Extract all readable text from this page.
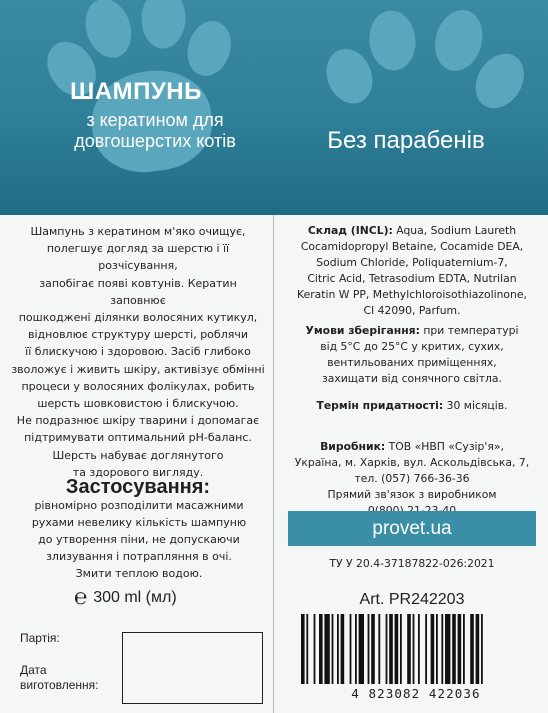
ШАМПУНЬ
з кератином для
довгошерстих котів	Без парабенів
Шампунь з кератином м'яко очищує,
полегшує догляд за шерстю і її розчісування,
запобігає появі ковтунів. Кератин заповнює
пошкоджені ділянки волосяних кутикул,
відновлює структуру шерсті, роблячи
її блискучою і здоровою. Засіб глибоко
зволожує і живить шкіру, активізує обмінні
процеси у волосяних фолікулах, робить
шерсть шовковистою і блискучою.
Не подразнює шкіру тварини і допомагає
підтримувати оптимальний pH-баланс.
Шерсть набуває доглянутого
та здорового вигляду.
Застосування:
рівномірно розподілити масажними
рухами невелику кількість шампуню
до утворення піни, не допускаючи
злизування і потрапляння в очі.
Змити теплою водою.
℮ 300 ml (мл)
Партія:
Дата
виготовлення:
Склад (INCL): Aqua, Sodium Laureth
Cocamidopropyl Betaine, Cocamide DEA,
Sodium Chloride, Poliquaternium-7,
Citric Acid, Tetrasodium EDTA, Nutrilan
Keratin W PP, Methylchloroisothiazolinone,
CI 42090, Parfum.
Умови зберігання: при температурі
від 5°C до 25°C у критих, сухих,
вентильованих приміщеннях,
захищати від сонячного світла.
Термін придатності: 30 місяців.
Виробник: ТОВ «НВП «Сузір'я»,
Україна, м. Харків, вул. Аскольдівська, 7,
тел. (057) 766-36-36
Прямий зв'язок з виробником
provet.ua
ТУ У 20.4-37187822-026:2021
Art. PR242203
4 823082 422036
